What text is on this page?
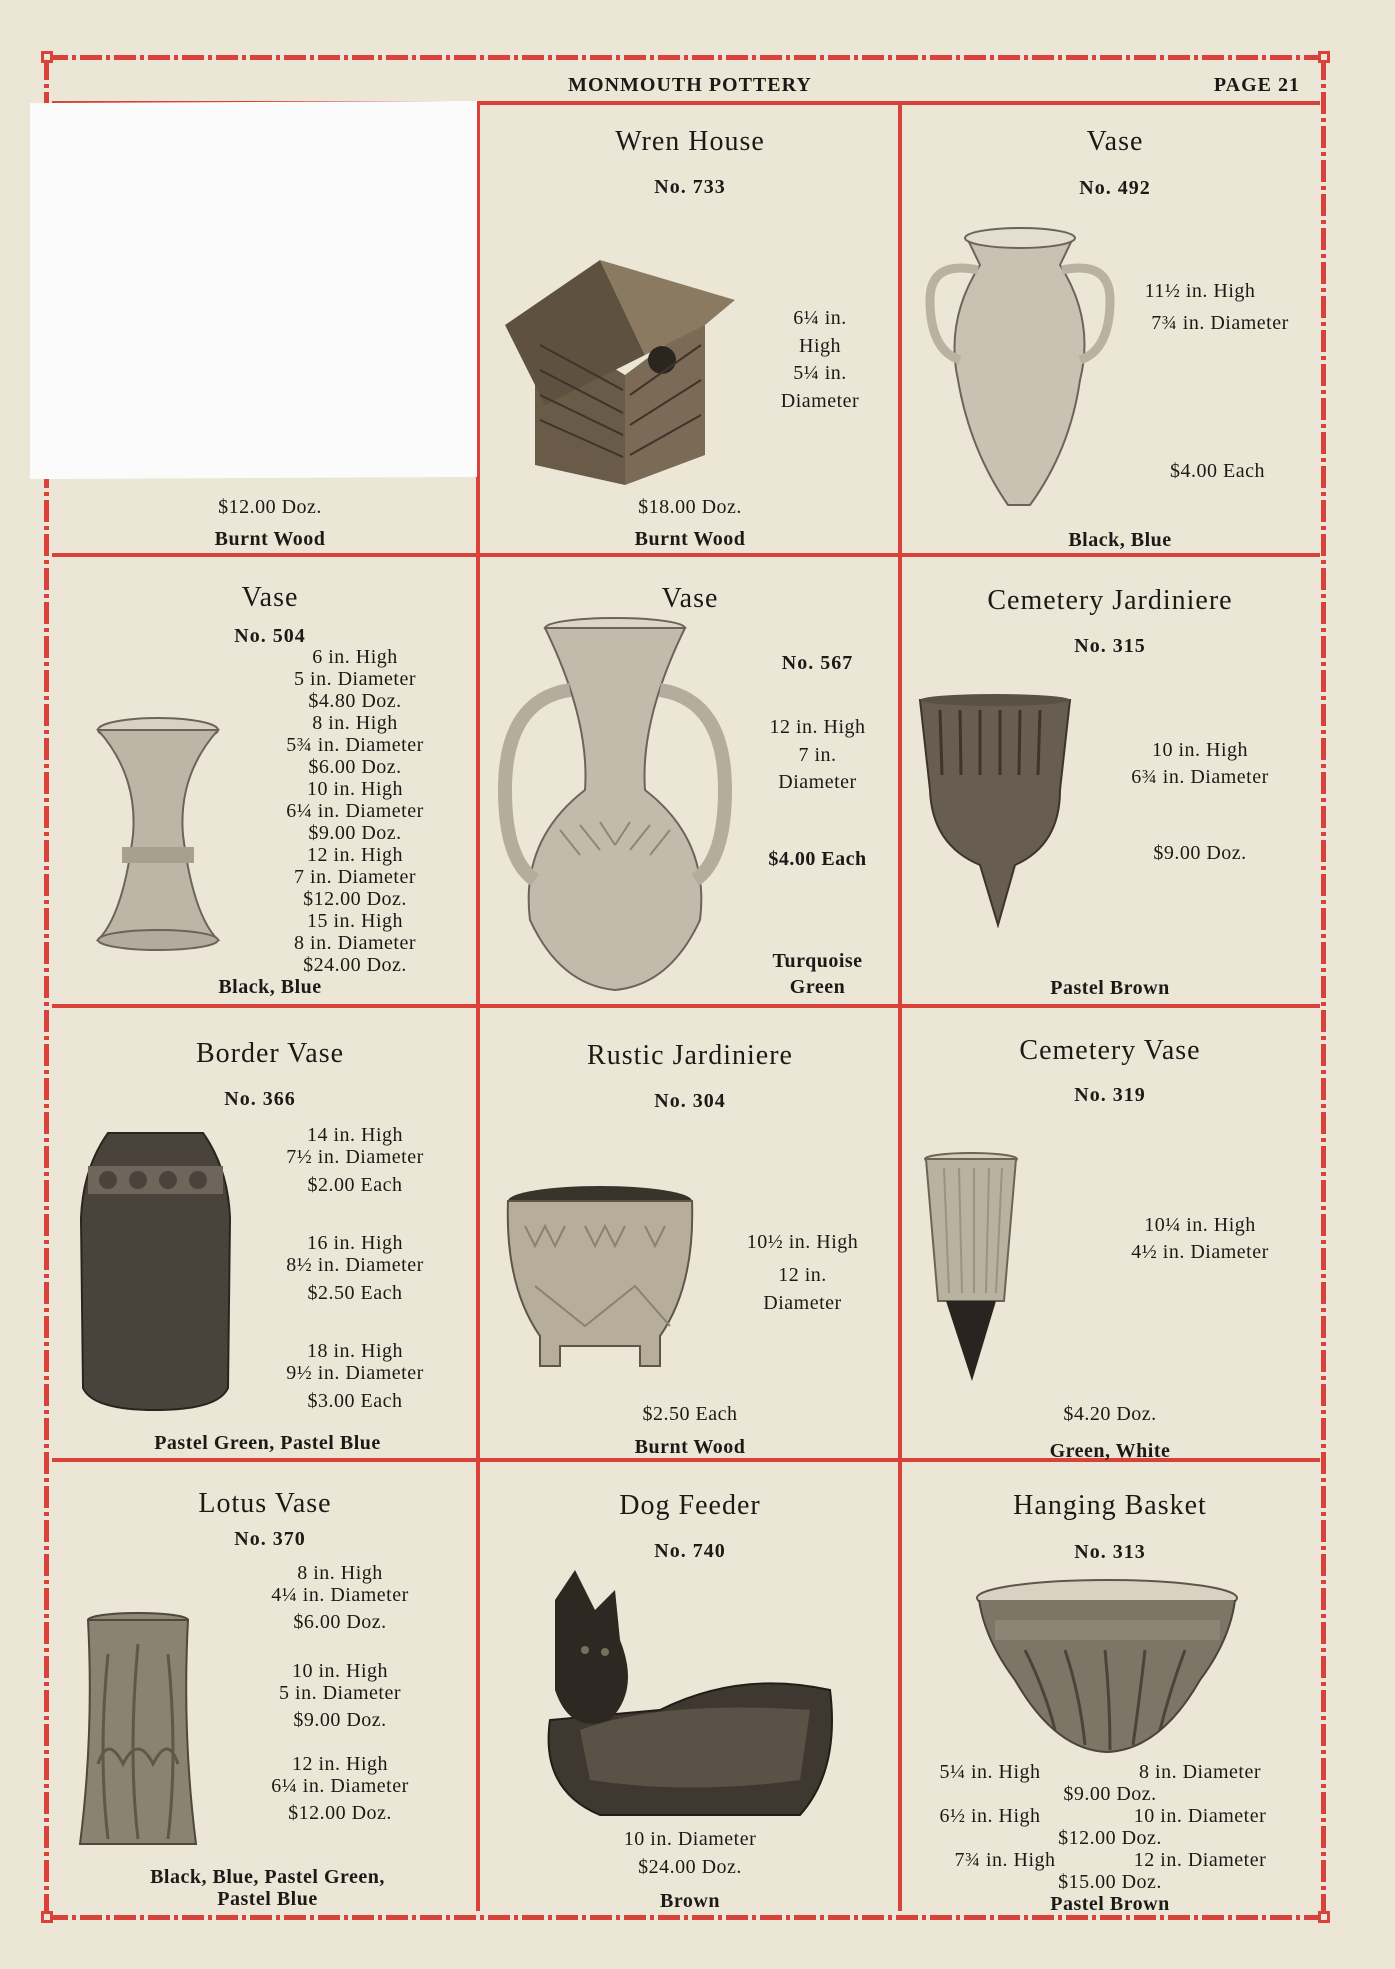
MONMOUTH POTTERY	PAGE 21
$12.00 Doz.
Burnt Wood
Wren House
No. 733
6¼ in.
High
5¼ in.
Diameter
$18.00 Doz.
Burnt Wood
Vase
No. 492
11½ in. High
7¾ in. Diameter
$4.00 Each
Black, Blue
Vase
No. 504
6 in. High
5 in. Diameter
$4.80 Doz.
8 in. High
5¾ in. Diameter
$6.00 Doz.
10 in. High
6¼ in. Diameter
$9.00 Doz.
12 in. High
7 in. Diameter
$12.00 Doz.
15 in. High
8 in. Diameter
$24.00 Doz.
Black, Blue
Vase
No. 567
12 in. High
7 in.
Diameter
$4.00 Each
Turquoise
Green
Cemetery Jardiniere
No. 315
10 in. High
6¾ in. Diameter
$9.00 Doz.
Pastel Brown
Border Vase
No. 366
14 in. High
7½ in. Diameter
$2.00 Each
16 in. High
8½ in. Diameter
$2.50 Each
18 in. High
9½ in. Diameter
$3.00 Each
Pastel Green, Pastel Blue
Rustic Jardiniere
No. 304
10½ in. High
12 in.
Diameter
$2.50 Each
Burnt Wood
Cemetery Vase
No. 319
10¼ in. High
4½ in. Diameter
$4.20 Doz.
Green, White
Lotus Vase
No. 370
8 in. High
4¼ in. Diameter
$6.00 Doz.
10 in. High
5 in. Diameter
$9.00 Doz.
12 in. High
6¼ in. Diameter
$12.00 Doz.
Black, Blue, Pastel Green,
Pastel Blue
Dog Feeder
No. 740
10 in. Diameter
$24.00 Doz.
Brown
Hanging Basket
No. 313
5¼ in. High	8 in. Diameter
$9.00 Doz.
6½ in. High	10 in. Diameter
$12.00 Doz.
7¾ in. High	12 in. Diameter
$15.00 Doz.
Pastel Brown
